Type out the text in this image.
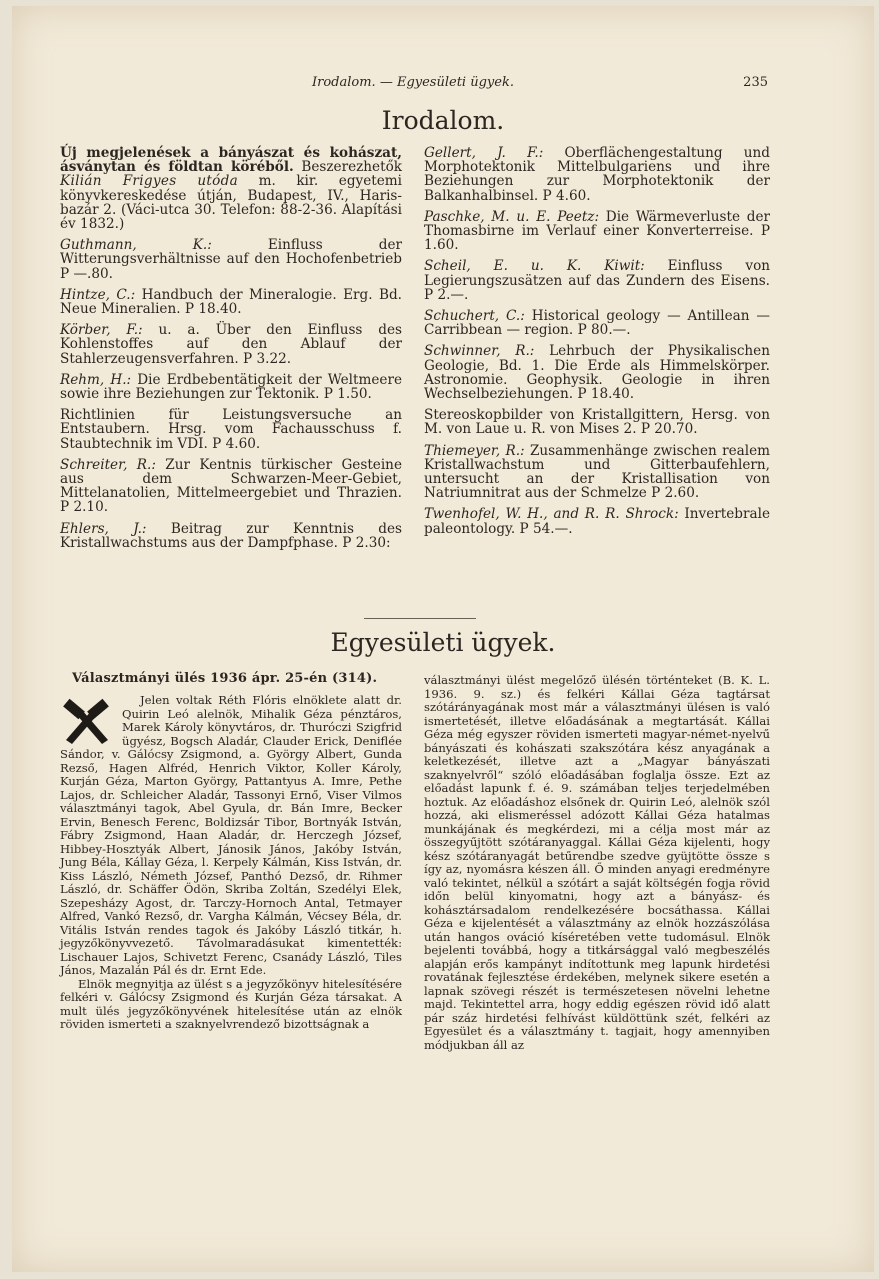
Irodalom. — Egyesületi ügyek.	235
Irodalom.

Új megjelenések a bányászat és kohászat, ásványtan és földtan köréből. Beszerezhetők Kilián Frigyes utóda m. kir. egyetemi könyvkereskedése útján, Budapest, IV., Haris-bazár 2. (Váci-utca 30. Telefon: 88-2-36. Alapítási év 1832.)

Guthmann, K.: Einfluss der Witterungsverhältnisse auf den Hochofenbetrieb P —.80.

Hintze, C.: Handbuch der Mineralogie. Erg. Bd. Neue Mineralien. P 18.40.

Körber, F.: u. a. Über den Einfluss des Kohlenstoffes auf den Ablauf der Stahlerzeugensverfahren. P 3.22.

Rehm, H.: Die Erdbebentätigkeit der Weltmeere sowie ihre Beziehungen zur Tektonik. P 1.50.

Richtlinien für Leistungsversuche an Entstaubern. Hrsg. vom Fachausschuss f. Staubtechnik im VDI. P 4.60.

Schreiter, R.: Zur Kentnis türkischer Gesteine aus dem Schwarzen-Meer-Gebiet, Mittelanatolien, Mittelmeergebiet und Thrazien. P 2.10.

Ehlers, J.: Beitrag zur Kenntnis des Kristallwachstums aus der Dampfphase. P 2.30:

Gellert, J. F.: Oberflächengestaltung und Morphotektonik Mittelbulgariens und ihre Beziehungen zur Morphotektonik der Balkanhalbinsel. P 4.60.

Paschke, M. u. E. Peetz: Die Wärmeverluste der Thomasbirne im Verlauf einer Konverterreise. P 1.60.

Scheil, E. u. K. Kiwit: Einfluss von Legierungszusätzen auf das Zundern des Eisens. P 2.—.

Schuchert, C.: Historical geology — Antillean — Carribbean — region. P 80.—.

Schwinner, R.: Lehrbuch der Physikalischen Geologie, Bd. 1. Die Erde als Himmelskörper. Astronomie. Geophysik. Geologie in ihren Wechselbeziehungen. P 18.40.

Stereoskopbilder von Kristallgittern, Hersg. von M. von Laue u. R. von Mises 2. P 20.70.

Thiemeyer, R.: Zusammenhänge zwischen realem Kristallwachstum und Gitterbaufehlern, untersucht an der Kristallisation von Natriumnitrat aus der Schmelze P 2.60.

Twenhofel, W. H., and R. R. Shrock: Invertebrale paleontology. P 54.—.

Egyesületi ügyek.
Választmányi ülés 1936 ápr. 25-én (314).

Jelen voltak Réth Flóris elnöklete alatt dr. Quirin Leó alelnök, Mihalik Géza pénztáros, Marek Károly könyvtáros, dr. Thuróczi Szigfrid ügyész, Bogsch Aladár, Clauder Erick, Deniflée Sándor, v. Gálócsy Zsigmond, a. György Albert, Gunda Rezső, Hagen Alfréd, Henrich Viktor, Koller Károly, Kurján Géza, Marton György, Pattantyus A. Imre, Pethe Lajos, dr. Schleicher Aladár, Tassonyi Ernő, Viser Vilmos választmányi tagok, Abel Gyula, dr. Bán Imre, Becker Ervin, Benesch Ferenc, Boldizsár Tibor, Bortnyák István, Fábry Zsigmond, Haan Aladár, dr. Herczegh József, Hibbey-Hosztyák Albert, Jánosik János, Jakóby István, Jung Béla, Kállay Géza, l. Kerpely Kálmán, Kiss István, dr. Kiss László, Németh József, Panthó Dezső, dr. Rihmer László, dr. Schäffer Ödön, Skriba Zoltán, Szedélyi Elek, Szepesházy Agost, dr. Tarczy-Hornoch Antal, Tetmayer Alfred, Vankó Rezső, dr. Vargha Kálmán, Vécsey Béla, dr. Vitális István rendes tagok és Jakóby László titkár, h. jegyzőkönyvvezető. Távolmaradásukat kimentették: Lischauer Lajos, Schivetzt Ferenc, Csanády László, Tiles János, Mazalán Pál és dr. Ernt Ede.

Elnök megnyitja az ülést s a jegyzőkönyv hitelesítésére felkéri v. Gálócsy Zsigmond és Kurján Géza társakat. A mult ülés jegyzőkönyvének hitelesítése után az elnök röviden ismerteti a szaknyelvrendező bizottságnak a

választmányi ülést megelőző ülésén történteket (B. K. L. 1936. 9. sz.) és felkéri Kállai Géza tagtársat szótárányagának most már a választmányi ülésen is való ismertetését, illetve előadásának a megtartását. Kállai Géza még egyszer röviden ismerteti magyar-német-nyelvű bányászati és kohászati szakszótára kész anyagának a keletkezését, illetve azt a „Magyar bányászati szaknyelvről“ szóló előadásában foglalja össze. Ezt az előadást lapunk f. é. 9. számában teljes terjedelmében hoztuk. Az előadáshoz elsőnek dr. Quirin Leó, alelnök szól hozzá, aki elismeréssel adózott Kállai Géza hatalmas munkájának és megkérdezi, mi a célja most már az összegyűjtött szótáranyaggal. Kállai Géza kijelenti, hogy kész szótáranyagát betűrendbe szedve gyüjtötte össze s így az, nyomásra készen áll. Ő minden anyagi eredményre való tekintet, nélkül a szótárt a saját költségén fogja rövid időn belül kinyomatni, hogy azt a bányász- és kohásztársadalom rendelkezésére bocsáthassa. Kállai Géza e kijelentését a választmány az elnök hozzászólása után hangos ováció kíséretében vette tudomásul. Elnök bejelenti továbbá, hogy a titkársággal való megbeszélés alapján erős kampányt indítottunk meg lapunk hirdetési rovatának fejlesztése érdekében, melynek sikere esetén a lapnak szövegi részét is természetesen növelni lehetne majd. Tekintettel arra, hogy eddig egészen rövid idő alatt pár száz hirdetési felhívást küldöttünk szét, felkéri az Egyesület és a választmány t. tagjait, hogy amennyiben módjukban áll az
